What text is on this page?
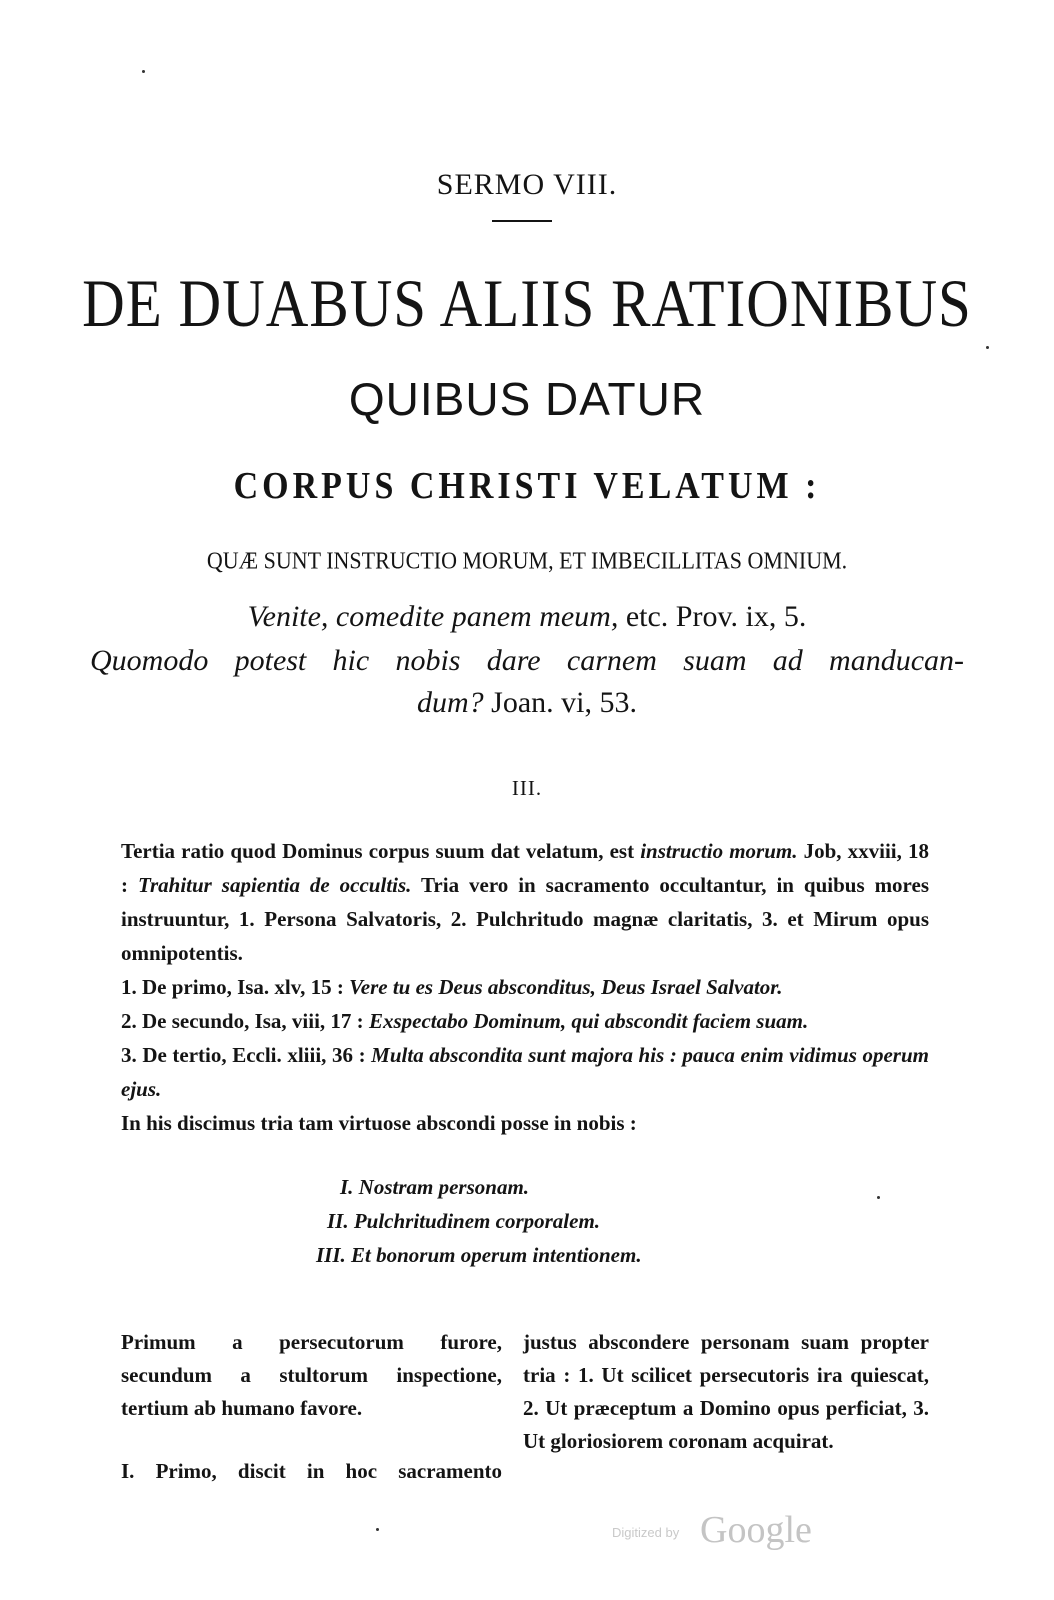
SERMO VIII.
DE DUABUS ALIIS RATIONIBUS
QUIBUS DATUR
CORPUS CHRISTI VELATUM :
QUÆ SUNT INSTRUCTIO MORUM, ET IMBECILLITAS OMNIUM.
Venite, comedite panem meum, etc. Prov. ix, 5.
Quomodo potest hic nobis dare carnem suam ad manducan-
dum? Joan. vi, 53.
III.

Tertia ratio quod Dominus corpus suum dat velatum, est instructio morum. Job, xxviii, 18 : Trahitur sapientia de occultis. Tria vero in sacramento occultantur, in quibus mores instruuntur, 1. Persona Salvatoris, 2. Pulchritudo magnæ claritatis, 3. et Mirum opus omnipotentis.

1. De primo, Isa. xlv, 15 : Vere tu es Deus absconditus, Deus Israel Salvator.

2. De secundo, Isa, viii, 17 : Exspectabo Dominum, qui abscondit faciem suam.

3. De tertio, Eccli. xliii, 36 : Multa abscondita sunt majora his : pauca enim vidimus operum ejus.

In his discimus tria tam virtuose abscondi posse in nobis :

I. Nostram personam.
II. Pulchritudinem corporalem.
III. Et bonorum operum intentionem.

Primum a persecutorum furore, secundum a stultorum inspectione, tertium ab humano favore.

I. Primo, discit in hoc sacramento

justus abscondere personam suam propter tria : 1. Ut scilicet persecutoris ira quiescat, 2. Ut præceptum a Domino opus perficiat, 3. Ut gloriosiorem coronam acquirat.

Digitized by Google
